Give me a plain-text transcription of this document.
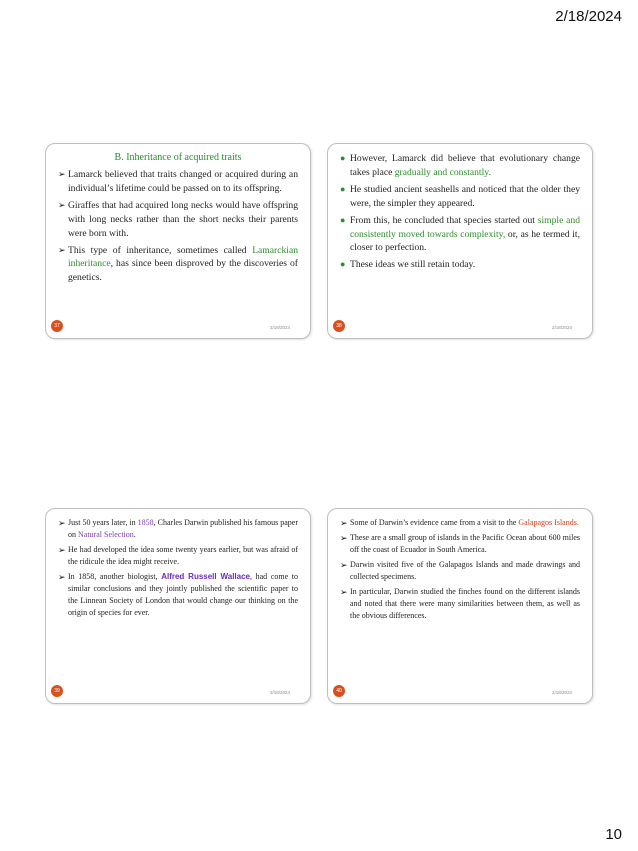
2/18/2024
B. Inheritance of acquired traits
➢ Lamarck believed that traits changed or acquired during an individual’s lifetime could be passed on to its offspring.
➢ Giraffes that had acquired long necks would have offspring with long necks rather than the short necks their parents were born with.
➢ This type of inheritance, sometimes called Lamarckian inheritance, has since been disproved by the discoveries of genetics.
37	2/18/2024
● However, Lamarck did believe that evolutionary change takes place gradually and constantly.
● He studied ancient seashells and noticed that the older they were, the simpler they appeared.
● From this, he concluded that species started out simple and consistently moved towards complexity, or, as he termed it, closer to perfection.
● These ideas we still retain today.
38	2/18/2024
➢ Just 50 years later, in 1858, Charles Darwin published his famous paper on Natural Selection.
➢ He had developed the idea some twenty years earlier, but was afraid of the ridicule the idea might receive.
➢ In 1858, another biologist, Alfred Russell Wallace, had come to similar conclusions and they jointly published the scientific paper to the Linnean Society of London that would change our thinking on the origin of species for ever.
39	2/18/2024
➢ Some of Darwin’s evidence came from a visit to the Galapagos Islands.
➢ These are a small group of islands in the Pacific Ocean about 600 miles off the coast of Ecuador in South America.
➢ Darwin visited five of the Galapagos Islands and made drawings and collected specimens.
➢ In particular, Darwin studied the finches found on the different islands and noted that there were many similarities between them, as well as the obvious differences.
40	2/18/2024
10
